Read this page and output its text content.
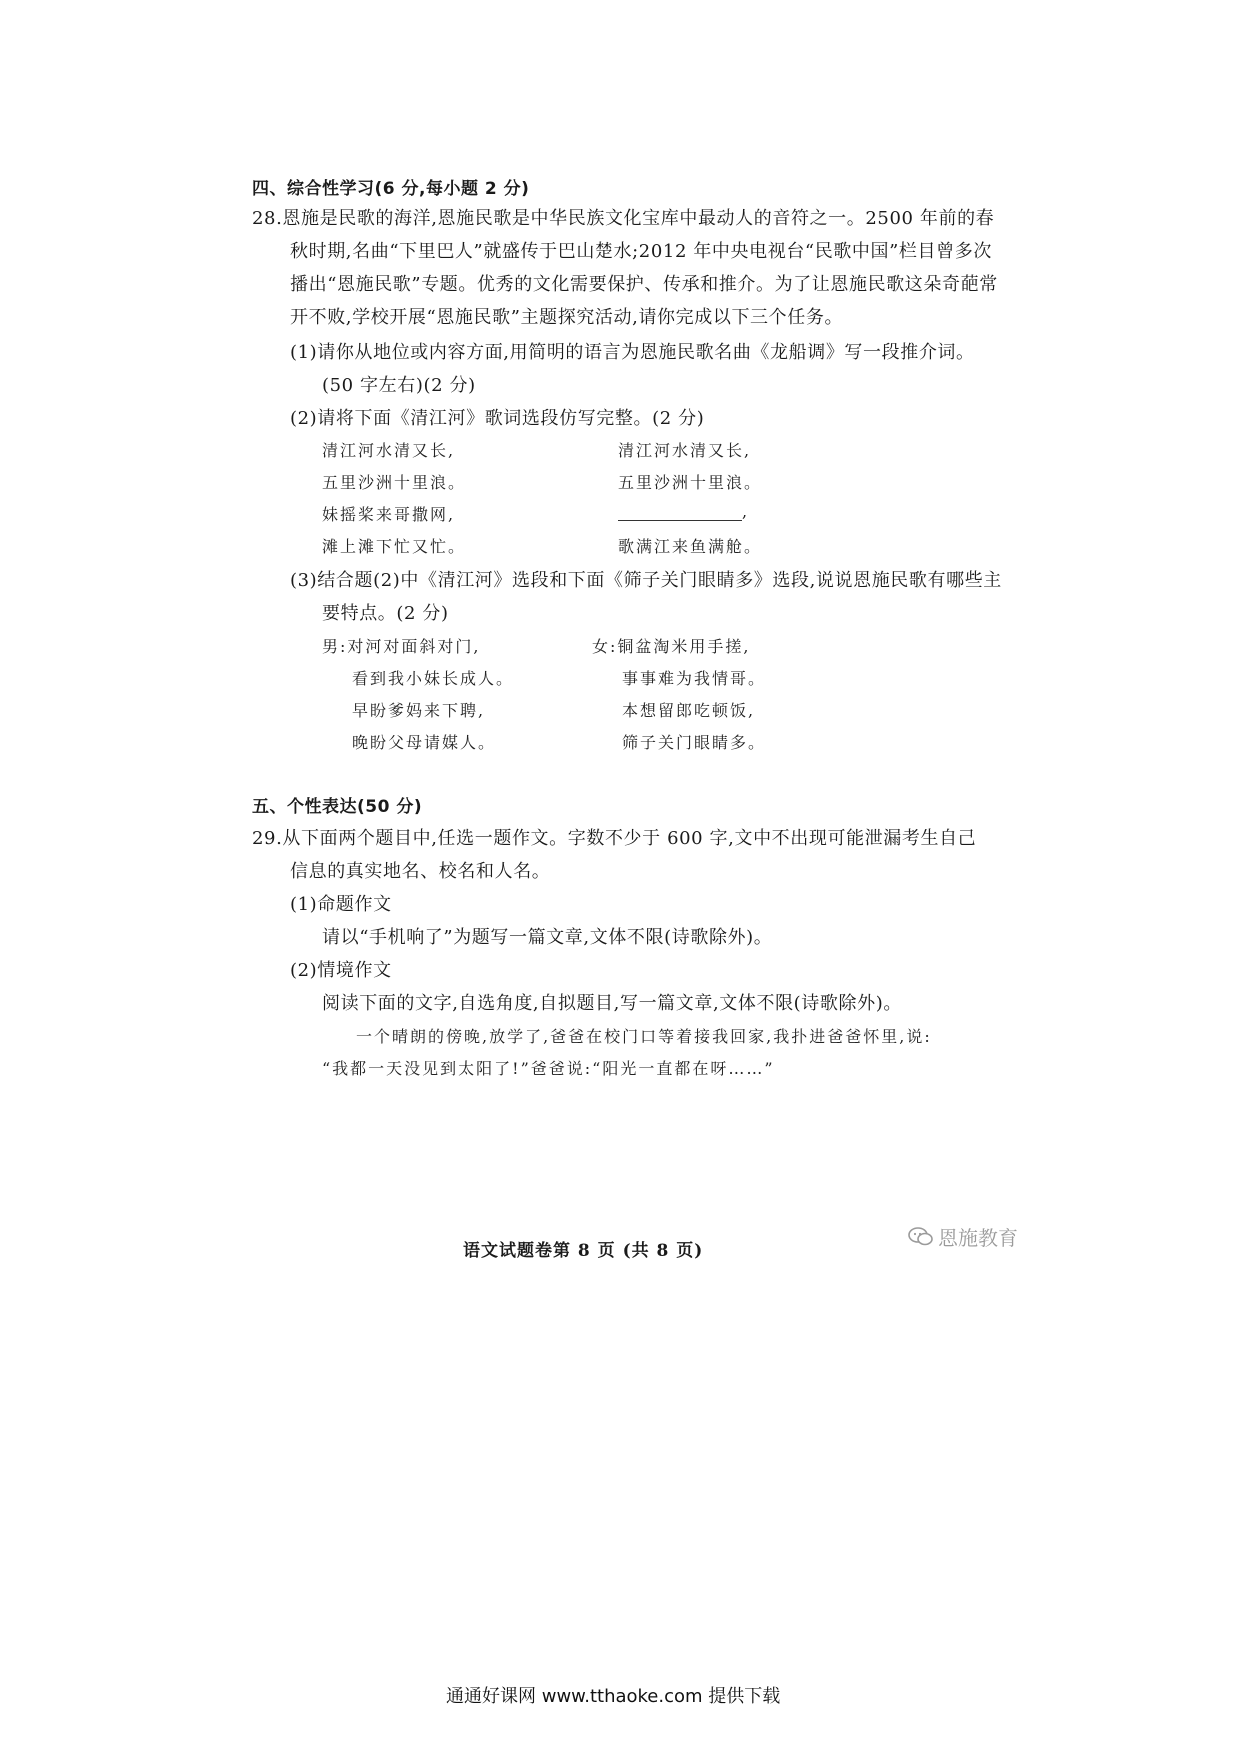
四、综合性学习(6 分,每小题 2 分)
28.恩施是民歌的海洋,恩施民歌是中华民族文化宝库中最动人的音符之一。2500 年前的春
秋时期,名曲“下里巴人”就盛传于巴山楚水;2012 年中央电视台“民歌中国”栏目曾多次
播出“恩施民歌”专题。优秀的文化需要保护、传承和推介。为了让恩施民歌这朵奇葩常
开不败,学校开展“恩施民歌”主题探究活动,请你完成以下三个任务。
(1)请你从地位或内容方面,用简明的语言为恩施民歌名曲《龙船调》写一段推介词。
(50 字左右)(2 分)
(2)请将下面《清江河》歌词选段仿写完整。(2 分)
清江河水清又长,
五里沙洲十里浪。
妹摇桨来哥撒网,
滩上滩下忙又忙。
清江河水清又长,
五里沙洲十里浪。
,
歌满江来鱼满舱。
(3)结合题(2)中《清江河》选段和下面《筛子关门眼睛多》选段,说说恩施民歌有哪些主
要特点。(2 分)
男:对河对面斜对门,
看到我小妹长成人。
早盼爹妈来下聘,
晚盼父母请媒人。
女:铜盆淘米用手搓,
事事难为我情哥。
本想留郎吃顿饭,
筛子关门眼睛多。
五、个性表达(50 分)
29.从下面两个题目中,任选一题作文。字数不少于 600 字,文中不出现可能泄漏考生自己
信息的真实地名、校名和人名。
(1)命题作文
请以“手机响了”为题写一篇文章,文体不限(诗歌除外)。
(2)情境作文
阅读下面的文字,自选角度,自拟题目,写一篇文章,文体不限(诗歌除外)。
一个晴朗的傍晚,放学了,爸爸在校门口等着接我回家,我扑进爸爸怀里,说:
“我都一天没见到太阳了!”爸爸说:“阳光一直都在呀……”
恩施教育
语文试题卷第 8 页 (共 8 页)
通通好课网 www.tthaoke.com 提供下载
